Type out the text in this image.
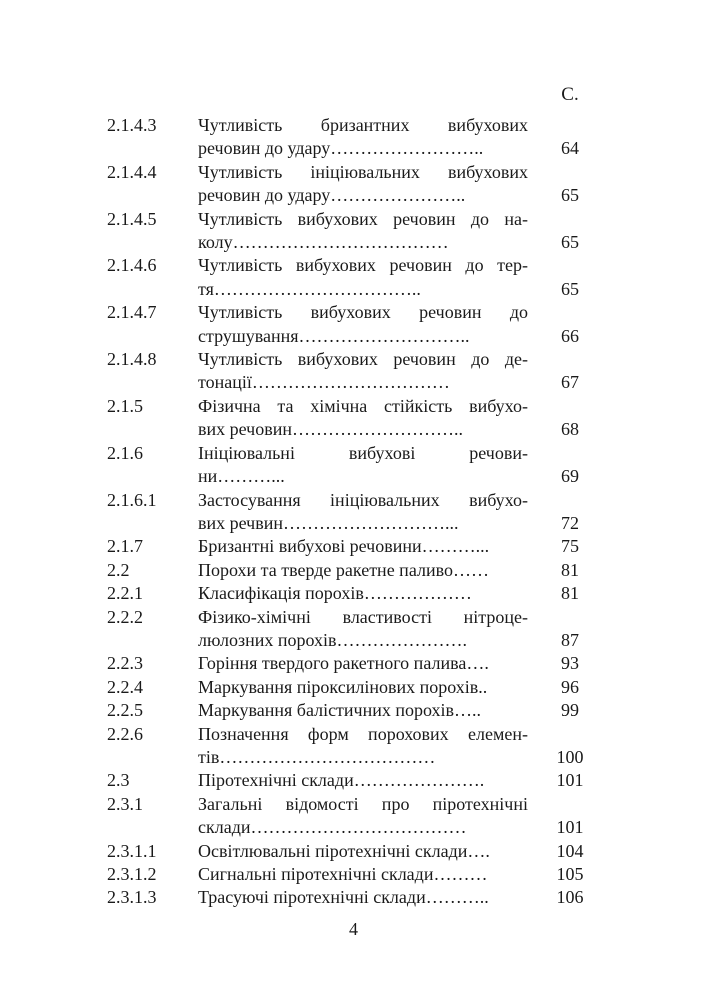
С.
2.1.4.3 Чутливість бризантних вибухових
речовин до удару……………………..	64
2.1.4.4 Чутливість ініціювальних вибухових
речовин до удару…………………..	65
2.1.4.5 Чутливість вибухових речовин до на-
колу………………………………	65
2.1.4.6 Чутливість вибухових речовин до тер-
тя……………………………..	65
2.1.4.7 Чутливість вибухових речовин до
струшування………………………..	66
2.1.4.8 Чутливість вибухових речовин до де-
тонації……………………………	67
2.1.5	Фізична та хімічна стійкість вибухо-
вих речовин………………………..	68
2.1.6	Ініціювальні вибухові речови-
ни………...	69
2.1.6.1 Застосування ініціювальних вибухо-
вих речвин………………………...	72
2.1.7	Бризантні вибухові речовини………...	75
2.2	Порохи та тверде ракетне паливо……	81
2.2.1	Класифікація порохів………………	81
2.2.2	Фізико-хімічні властивості нітроце-
люлозних порохів………………….	87
2.2.3	Горіння твердого ракетного палива….	93
2.2.4	Маркування піроксилінових порохів..	96
2.2.5	Маркування балістичних порохів…..	99
2.2.6	Позначення форм порохових елемен-
тів………………………………	100
2.3	Піротехнічні склади………………….	101
2.3.1	Загальні відомості про піротехнічні
склади………………………………	101
2.3.1.1 Освітлювальні піротехнічні склади….	104
2.3.1.2 Сигнальні піротехнічні склади………	105
2.3.1.3 Трасуючі піротехнічні склади………..	106
4
